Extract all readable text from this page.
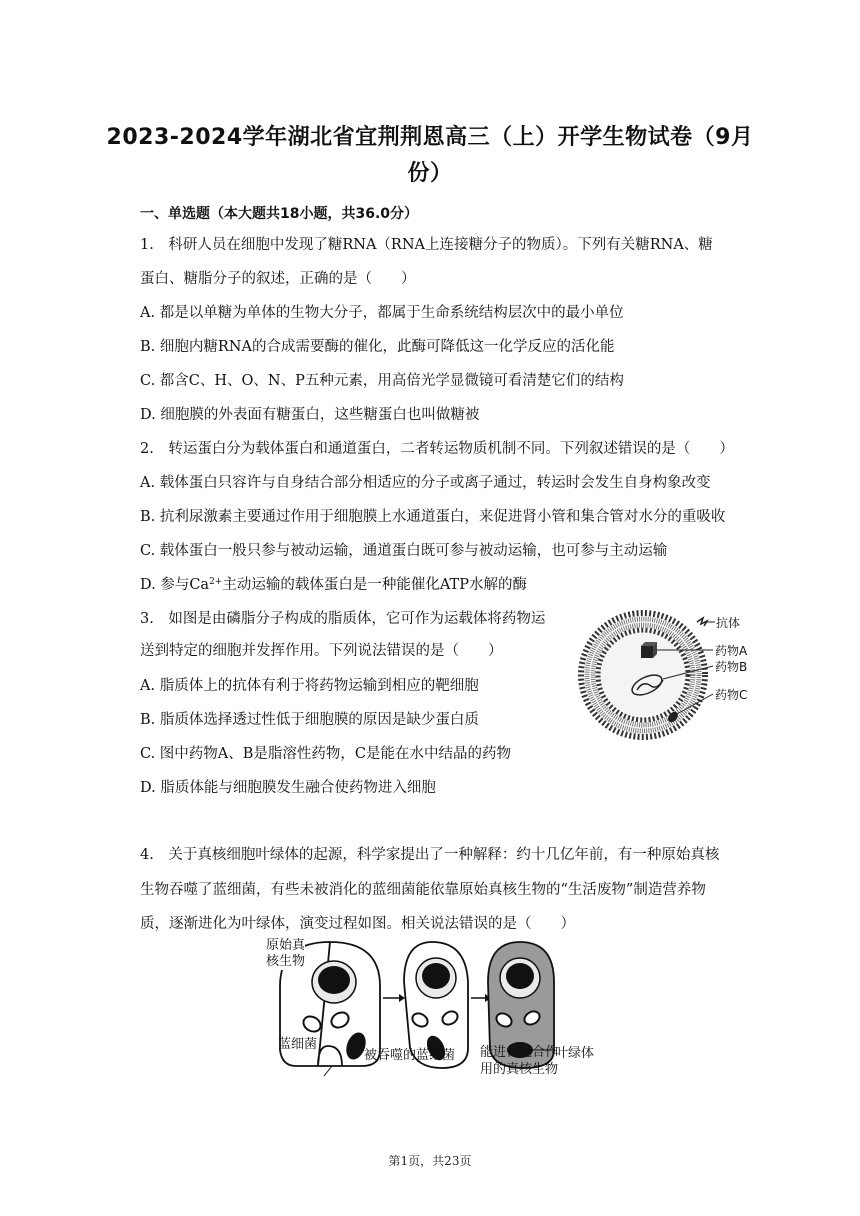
2023-2024学年湖北省宜荆荆恩高三（上）开学生物试卷（9月
份）
一、单选题（本大题共18小题，共36.0分）
1.　科研人员在细胞中发现了糖RNA（RNA上连接糖分子的物质）。下列有关糖RNA、糖
蛋白、糖脂分子的叙述，正确的是（　　）
A. 都是以单糖为单体的生物大分子，都属于生命系统结构层次中的最小单位
B. 细胞内糖RNA的合成需要酶的催化，此酶可降低这一化学反应的活化能
C. 都含C、H、O、N、P五种元素，用高倍光学显微镜可看清楚它们的结构
D. 细胞膜的外表面有糖蛋白，这些糖蛋白也叫做糖被
2.　转运蛋白分为载体蛋白和通道蛋白，二者转运物质机制不同。下列叙述错误的是（　　）
A. 载体蛋白只容许与自身结合部分相适应的分子或离子通过，转运时会发生自身构象改变
B. 抗利尿激素主要通过作用于细胞膜上水通道蛋白，来促进肾小管和集合管对水分的重吸收
C. 载体蛋白一般只参与被动运输，通道蛋白既可参与被动运输，也可参与主动运输
D. 参与$Ca^{2+}$主动运输的载体蛋白是一种能催化ATP水解的酶
3.　如图是由磷脂分子构成的脂质体，它可作为运载体将药物运
送到特定的细胞并发挥作用。下列说法错误的是（　　）
A. 脂质体上的抗体有利于将药物运输到相应的靶细胞
B. 脂质体选择透过性低于细胞膜的原因是缺少蛋白质
C. 图中药物A、B是脂溶性药物，C是能在水中结晶的药物
D. 脂质体能与细胞膜发生融合使药物进入细胞
抗体
药物A
药物B
药物C
4.　关于真核细胞叶绿体的起源，科学家提出了一种解释：约十几亿年前，有一种原始真核
生物吞噬了蓝细菌，有些未被消化的蓝细菌能依靠原始真核生物的“生活废物”制造营养物
质，逐渐进化为叶绿体，演变过程如图。相关说法错误的是（　　）
原始真
核生物
蓝细菌
被吞噬的蓝细菌	叶绿体
能进行光合作
用的真核生物
第1页，共23页
